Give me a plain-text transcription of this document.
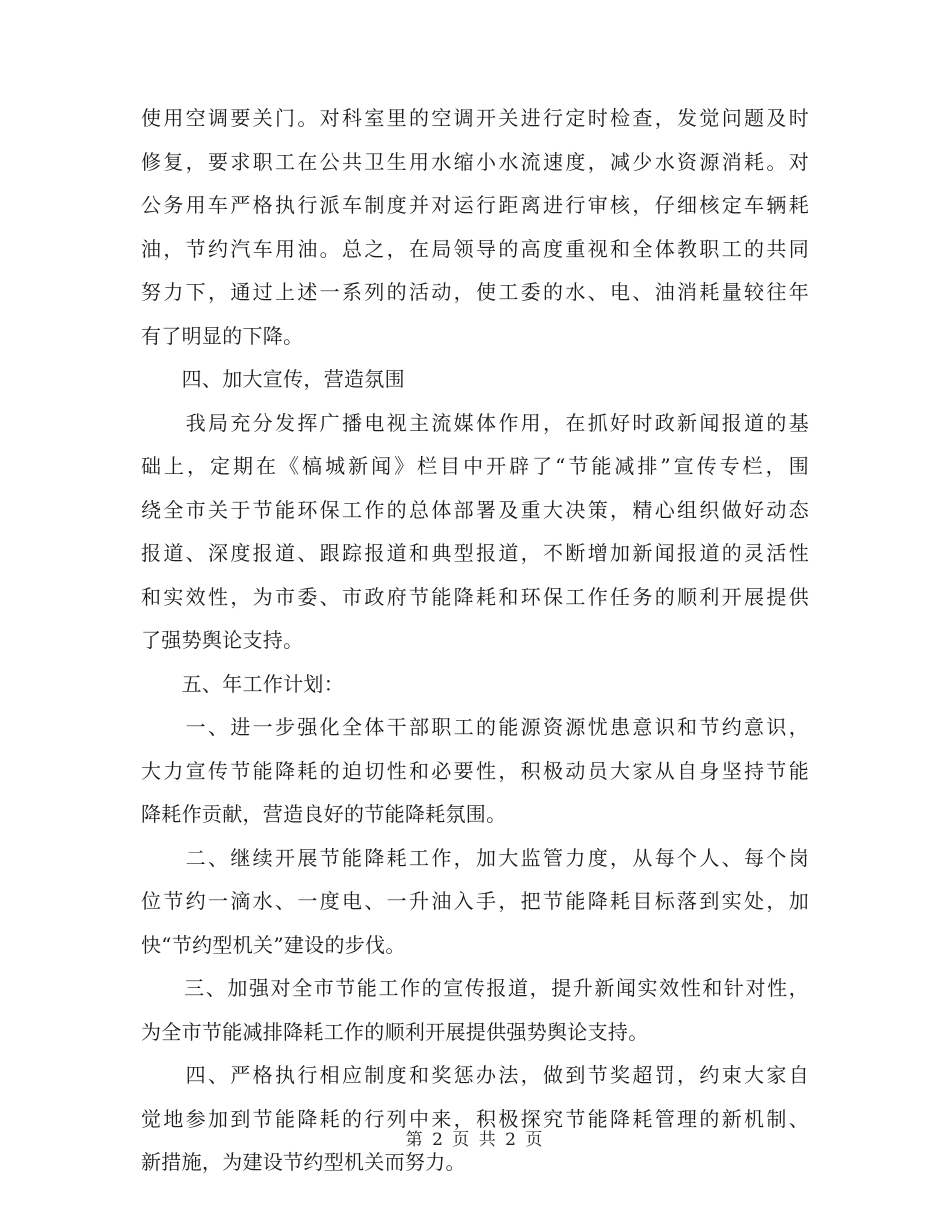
使用空调要关门。对科室里的空调开关进行定时检查，发觉问题及时
修复，要求职工在公共卫生用水缩小水流速度，减少水资源消耗。对
公务用车严格执行派车制度并对运行距离进行审核，仔细核定车辆耗
油，节约汽车用油。总之，在局领导的高度重视和全体教职工的共同
努力下，通过上述一系列的活动，使工委的水、电、油消耗量较往年
有了明显的下降。
　　四、加大宣传，营造氛围
　　我局充分发挥广播电视主流媒体作用，在抓好时政新闻报道的基
础上，定期在《槁城新闻》栏目中开辟了“节能减排”宣传专栏，围
绕全市关于节能环保工作的总体部署及重大决策，精心组织做好动态
报道、深度报道、跟踪报道和典型报道，不断增加新闻报道的灵活性
和实效性，为市委、市政府节能降耗和环保工作任务的顺利开展提供
了强势舆论支持。
　　五、年工作计划：
　　一、进一步强化全体干部职工的能源资源忧患意识和节约意识，
大力宣传节能降耗的迫切性和必要性，积极动员大家从自身坚持节能
降耗作贡献，营造良好的节能降耗氛围。
　　二、继续开展节能降耗工作，加大监管力度，从每个人、每个岗
位节约一滴水、一度电、一升油入手，把节能降耗目标落到实处，加
快“节约型机关”建设的步伐。
　　三、加强对全市节能工作的宣传报道，提升新闻实效性和针对性，
为全市节能减排降耗工作的顺利开展提供强势舆论支持。
　　四、严格执行相应制度和奖惩办法，做到节奖超罚，约束大家自
觉地参加到节能降耗的行列中来，积极探究节能降耗管理的新机制、
新措施，为建设节约型机关而努力。
第 2 页 共 2 页
